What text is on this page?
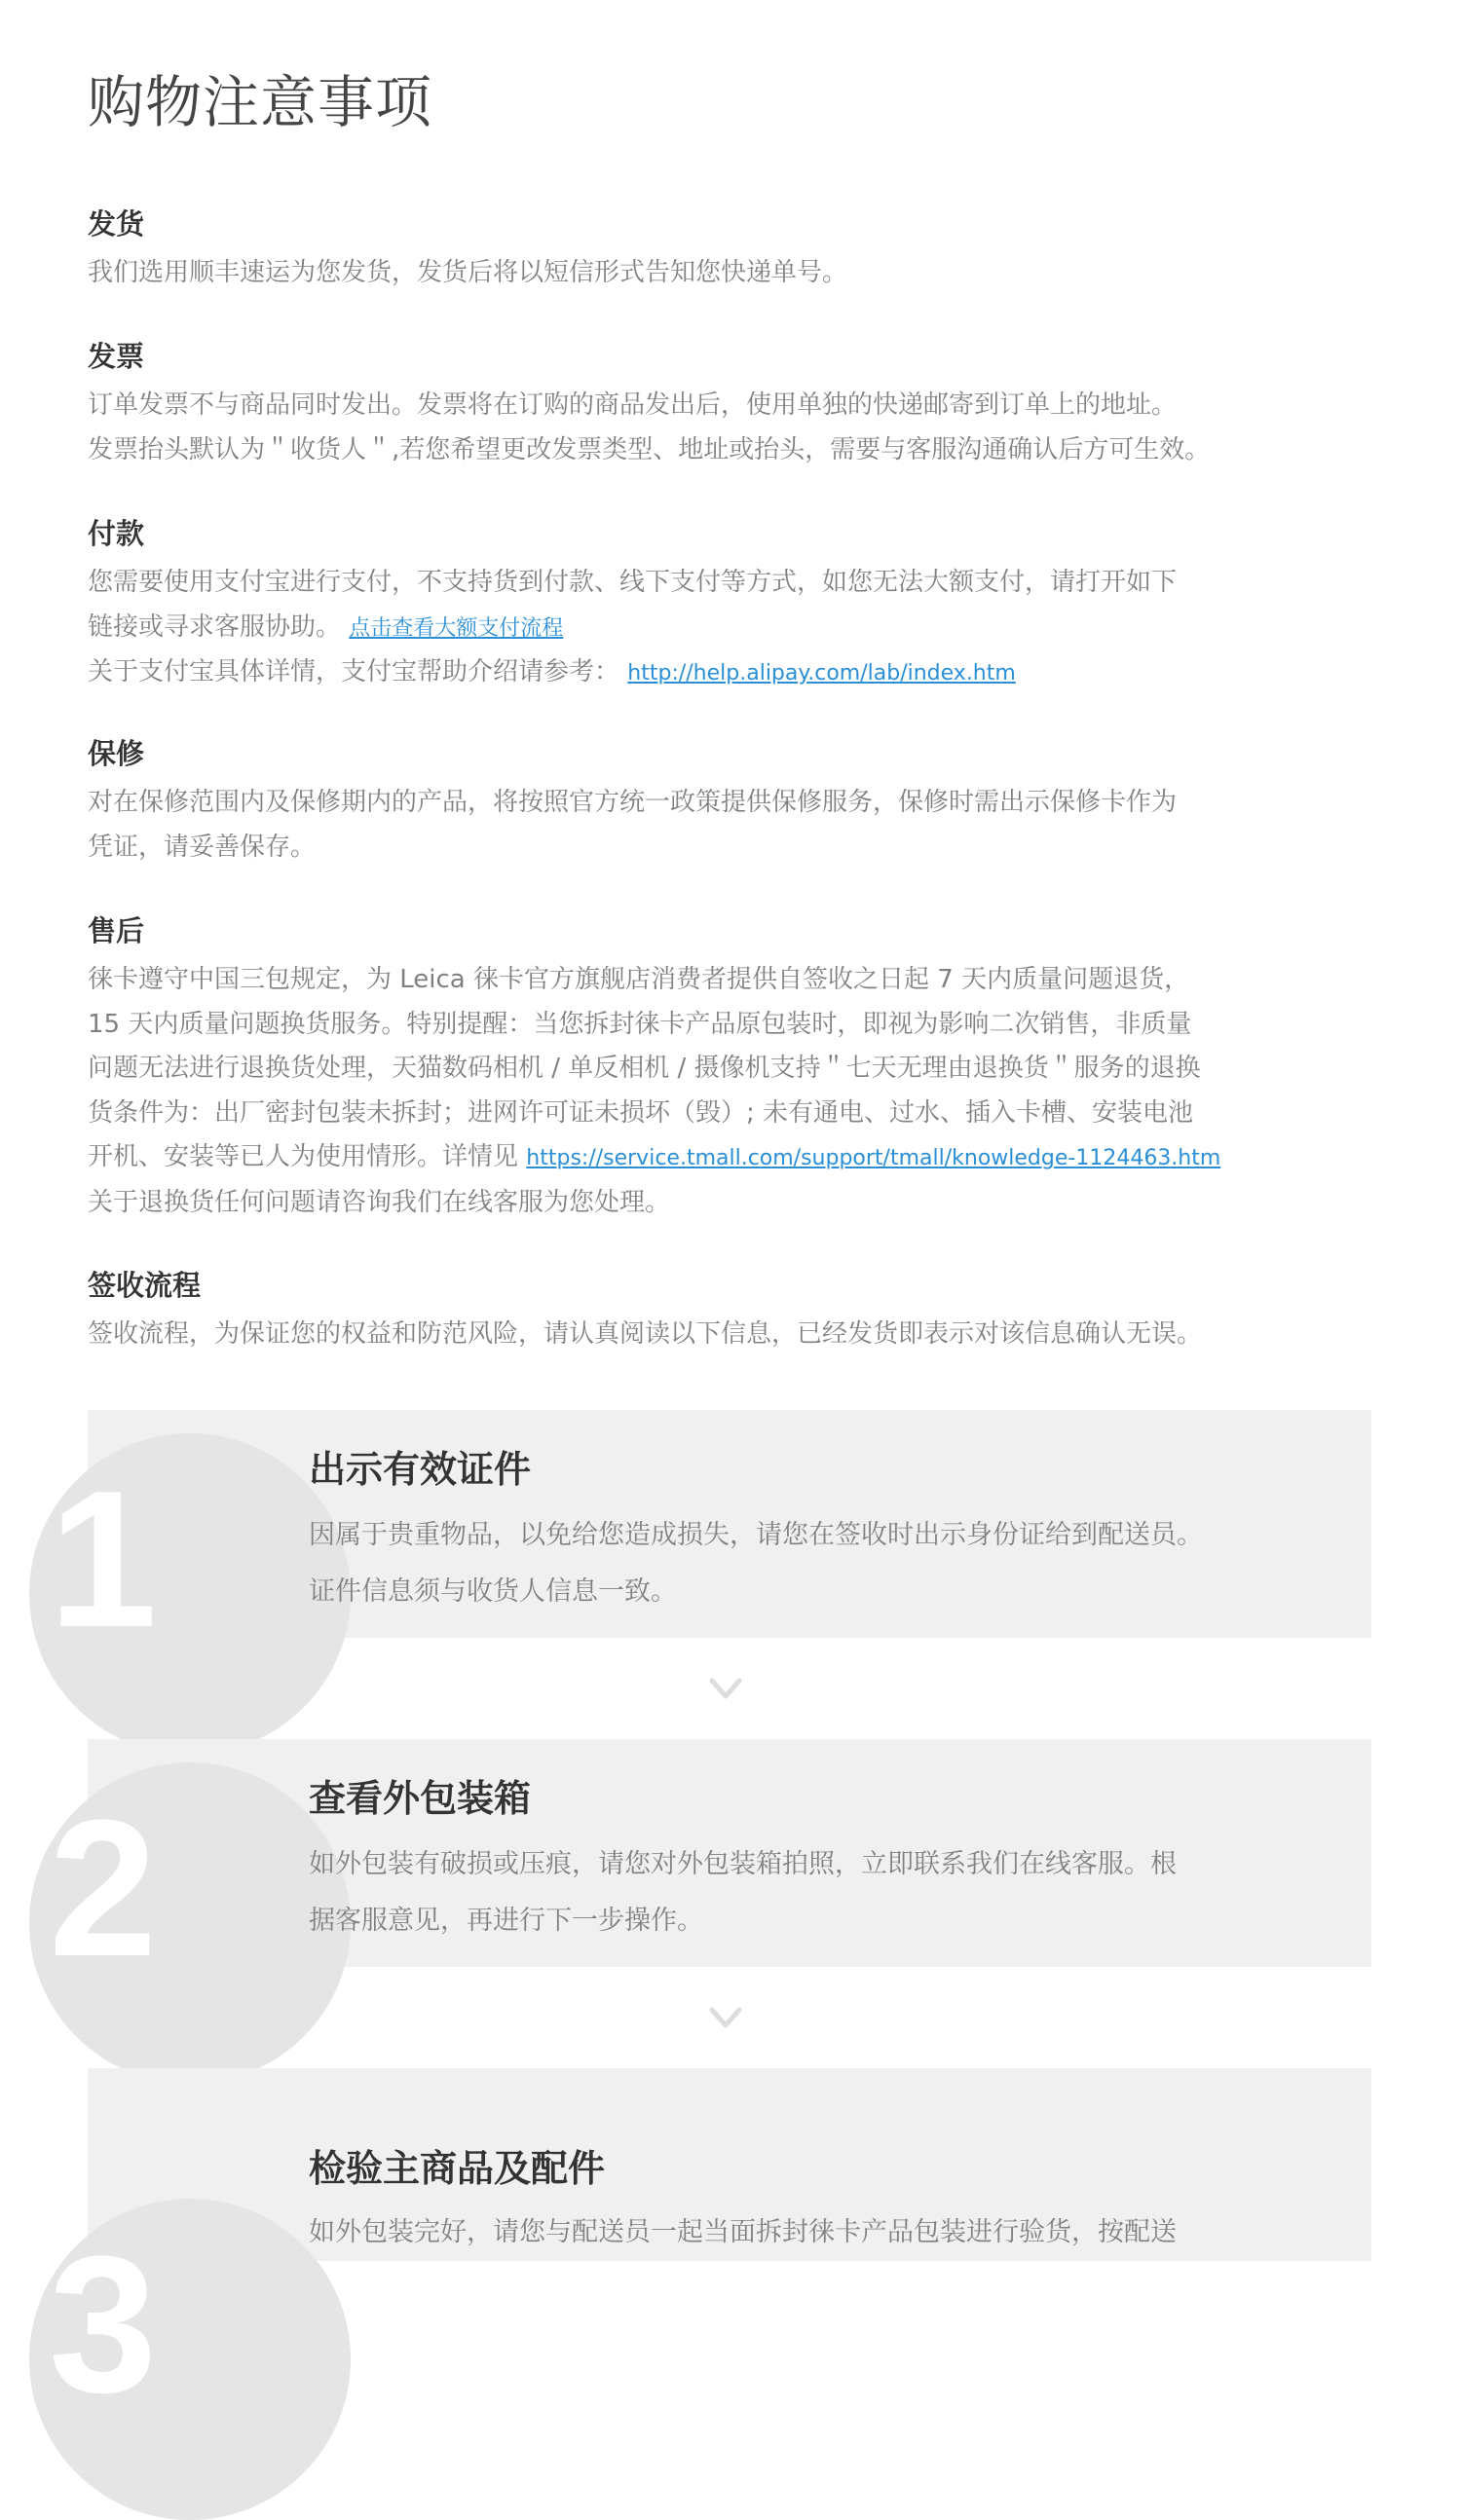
购物注意事项
发货

我们选用顺丰速运为您发货，发货后将以短信形式告知您快递单号。

发票

订单发票不与商品同时发出。发票将在订购的商品发出后，使用单独的快递邮寄到订单上的地址。

发票抬头默认为＂收货人＂,若您希望更改发票类型、地址或抬头，需要与客服沟通确认后方可生效。

付款

您需要使用支付宝进行支付，不支持货到付款、线下支付等方式，如您无法大额支付，请打开如下

链接或寻求客服协助。 点击查看大额支付流程

关于支付宝具体详情，支付宝帮助介绍请参考： http://help.alipay.com/lab/index.htm

保修

对在保修范围内及保修期内的产品，将按照官方统一政策提供保修服务，保修时需出示保修卡作为

凭证，请妥善保存。

售后

徕卡遵守中国三包规定，为 Leica 徕卡官方旗舰店消费者提供自签收之日起 7 天内质量问题退货，

15 天内质量问题换货服务。特别提醒：当您拆封徕卡产品原包装时，即视为影响二次销售，非质量

问题无法进行退换货处理，天猫数码相机 / 单反相机 / 摄像机支持＂七天无理由退换货＂服务的退换

货条件为：出厂密封包装未拆封；进网许可证未损坏（毁）; 未有通电、过水、插入卡槽、安装电池

开机、安装等已人为使用情形。详情见 https://service.tmall.com/support/tmall/knowledge-1124463.htm

关于退换货任何问题请咨询我们在线客服为您处理。

签收流程

签收流程，为保证您的权益和防范风险，请认真阅读以下信息，已经发货即表示对该信息确认无误。

1	出示有效证件

因属于贵重物品，以免给您造成损失，请您在签收时出示身份证给到配送员。

证件信息须与收货人信息一致。

2	查看外包装箱

如外包装有破损或压痕，请您对外包装箱拍照，立即联系我们在线客服。根

据客服意见，再进行下一步操作。

3
检验主商品及配件

如外包装完好，请您与配送员一起当面拆封徕卡产品包装进行验货，按配送
